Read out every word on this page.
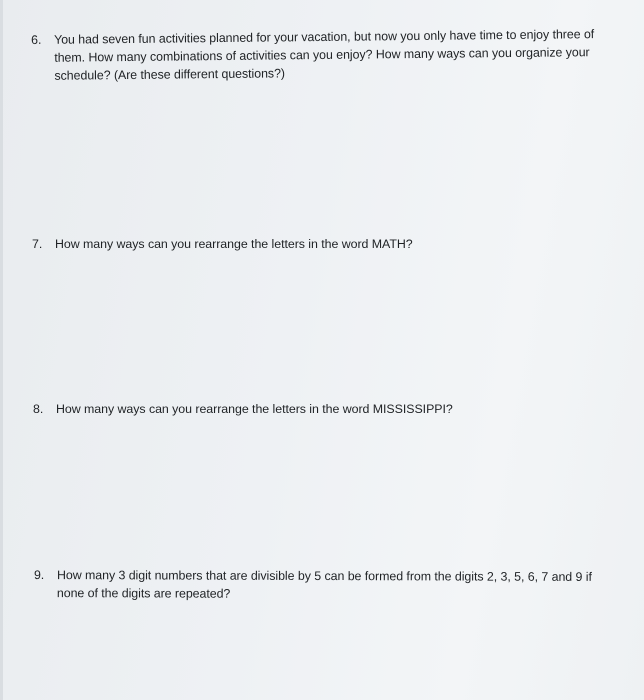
6.	You had seven fun activities planned for your vacation, but now you only have time to enjoy three of them. How many combinations of activities can you enjoy? How many ways can you organize your schedule? (Are these different questions?)
7.	How many ways can you rearrange the letters in the word MATH?
8.	How many ways can you rearrange the letters in the word MISSISSIPPI?
9.	How many 3 digit numbers that are divisible by 5 can be formed from the digits 2, 3, 5, 6, 7 and 9 if none of the digits are repeated?
